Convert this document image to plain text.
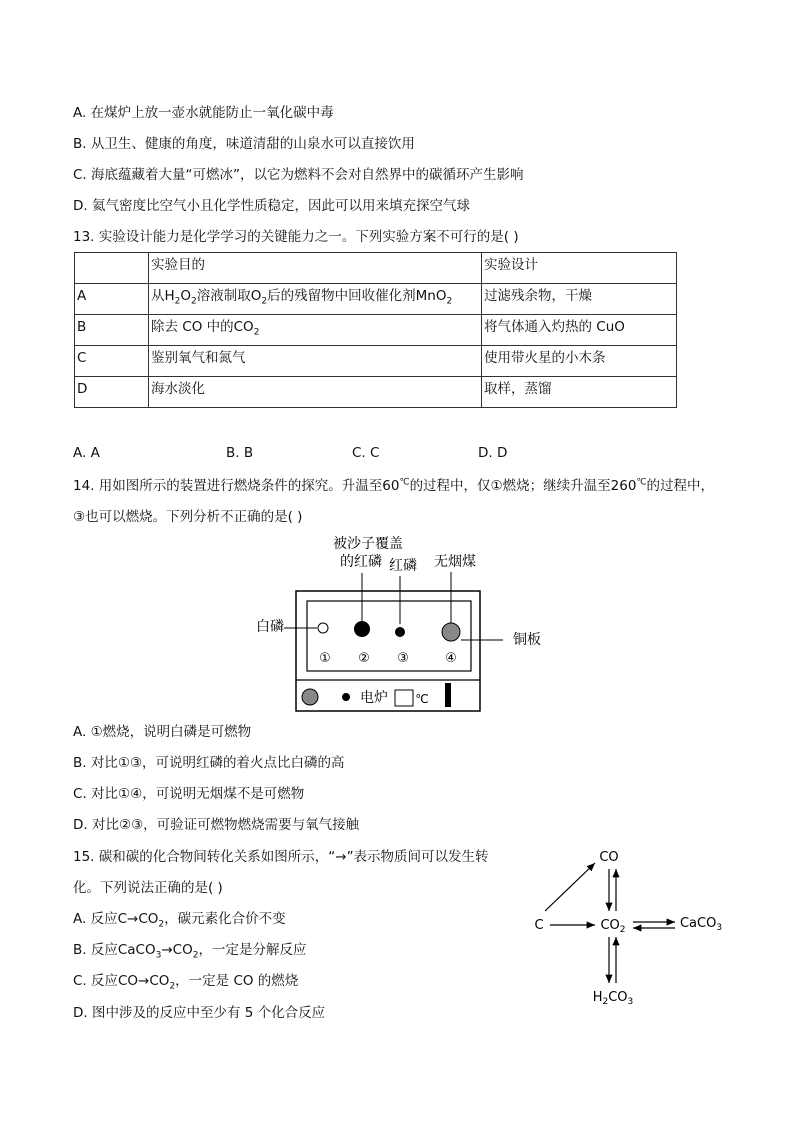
A. 在煤炉上放一壶水就能防止一氧化碳中毒
B. 从卫生、健康的角度，味道清甜的山泉水可以直接饮用
C. 海底蕴藏着大量“可燃冰”，以它为燃料不会对自然界中的碳循环产生影响
D. 氦气密度比空气小且化学性质稳定，因此可以用来填充探空气球
13. 实验设计能力是化学学习的关键能力之一。下列实验方案不可行的是( )
	实验目的	实验设计
A	从$H_2O_2$溶液制取$O_2$后的残留物中回收催化剂MnO$_2$	过滤残余物，干燥
B	除去 CO 中的$CO_2$	将气体通入灼热的 CuO
C	鉴别氧气和氮气	使用带火星的小木条
D	海水淡化	取样，蒸馏
A. A	B. B	C. C	D. D
14. 用如图所示的装置进行燃烧条件的探究。升温至60℃的过程中，仅①燃烧；继续升温至260℃的过程中，
③也可以燃烧。下列分析不正确的是( )
被沙子覆盖
的红磷 红磷 无烟煤
白磷
铜板
① ② ③	④
电炉 ℃
A. ①燃烧，说明白磷是可燃物
B. 对比①③，可说明红磷的着火点比白磷的高
C. 对比①④，可说明无烟煤不是可燃物
D. 对比②③，可验证可燃物燃烧需要与氧气接触
15. 碳和碳的化合物间转化关系如图所示，“→”表示物质间可以发生转
化。下列说法正确的是( )
A. 反应$C\to CO_2$，碳元素化合价不变
B. 反应$CaCO_3\to CO_2$，一定是分解反应
C. 反应$CO\to CO_2$，一定是 CO 的燃烧
D. 图中涉及的反应中至少有 5 个化合反应
CO
C	$CO_2$	CaCO$_3$
$H_2CO_3$
